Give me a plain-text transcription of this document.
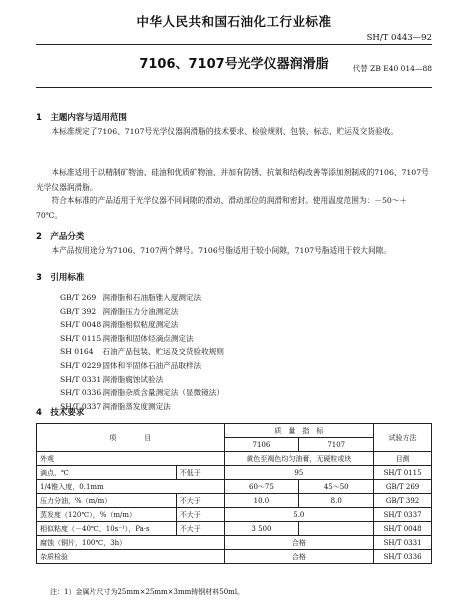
中华人民共和国石油化工行业标准
SH/T 0443—92
7106、7107号光学仪器润滑脂	代替 ZB E40 014—88
1　主题内容与适用范围
本标准规定了7106、7107号光学仪器润滑脂的技术要求、检验规则、包装、标志、贮运及交货验收。
本标准适用于以精制矿物油、硅油和优质矿物油、并加有防锈、抗氧和结构改善等添加剂制成的7106、7107号光学仪器润滑脂。
符合本标准的产品适用于光学仪器不同间隙的滑动、滑动部位的润滑和密封。使用温度范围为：－50～＋70℃。
2　产品分类
本产品按用途分为7106、7107两个牌号。7106号脂适用于较小间隙，7107号脂适用于较大间隙。
3　引用标准
GB/T 269 润滑脂和石油脂锥入度测定法
GB/T 392 润滑脂压力分油测定法
SH/T 0048 润滑脂相似粘度测定法
SH/T 0115 润滑脂和固体烃滴点测定法
SH 0164 石油产品包装、贮运及交货验收规则
SH/T 0229 固体和半固体石油产品取样法
SH/T 0331 润滑脂腐蚀试验法
SH/T 0336 润滑脂杂质含量测定法（显微镜法）
SH/T 0337 润滑脂蒸发度测定法
4　技术要求
项　　　　目		质　量　指　标		试验方法
		7106	7107	
外观		黄色至褐色均匀油膏，无硬粒或块		目测
滴点，℃	不低于	95		SH/T 0115
1/4锥入度，0.1mm		60～75	45～50	GB/T 269
压力分油，%（m/m）	不大于	10.0	8.0	GB/T 392
蒸发度（120℃），%（m/m）	不大于	5.0		SH/T 0337
相似粘度（－40℃，10s⁻¹），Pa·s	不大于	3 500		SH/T 0048
腐蚀（铜片，100℃，3h）		合格		SH/T 0331
杂质检验		合格		SH/T 0336
注：1）金属片尺寸为25mm×25mm×3mm铸钢材料50ml。
